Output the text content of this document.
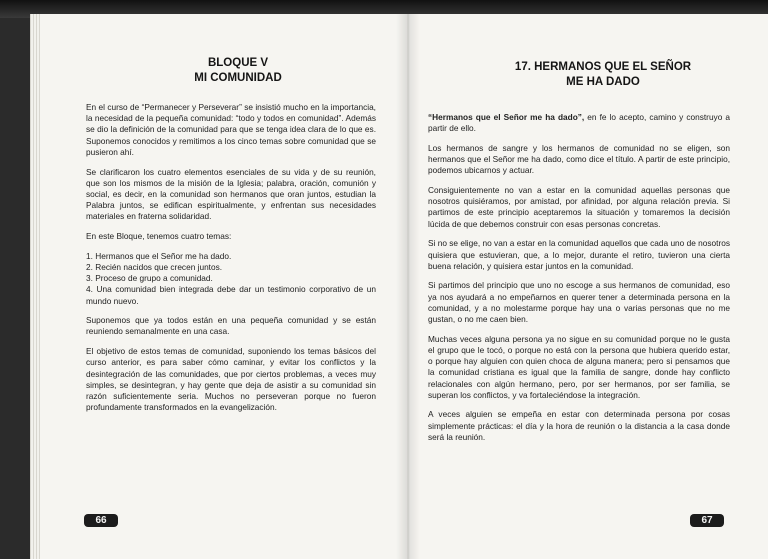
BLOQUE V
MI COMUNIDAD

En el curso de “Permanecer y Perseverar” se insistió mucho en la importancia, la necesidad de la pequeña comunidad: “todo y todos en comunidad”. Además se dio la definición de la comunidad para que se tenga idea clara de lo que es. Suponemos conocidos y remitimos a los cinco temas sobre comunidad que se pusieron ahí.

Se clarificaron los cuatro elementos esenciales de su vida y de su reunión, que son los mismos de la misión de la Iglesia; palabra, oración, comunión y social, es decir, en la comunidad son hermanos que oran juntos, estudian la Palabra juntos, se edifican espiritualmente, y enfrentan sus necesidades materiales en fraterna solidaridad.

En este Bloque, tenemos cuatro temas:

1. Hermanos que el Señor me ha dado.
2. Recién nacidos que crecen juntos.
3. Proceso de grupo a comunidad.
4. Una comunidad bien integrada debe dar un testimonio corporativo de un mundo nuevo.

Suponemos que ya todos están en una pequeña comunidad y se están reuniendo semanalmente en una casa.

El objetivo de estos temas de comunidad, suponiendo los temas básicos del curso anterior, es para saber cómo caminar, y evitar los conflictos y la desintegración de las comunidades, que por ciertos problemas, a veces muy simples, se desintegran, y hay gente que deja de asistir a su comunidad sin razón suficientemente seria. Muchos no perseveran porque no fueron profundamente transformados en la evangelización.

66
17. HERMANOS QUE EL SEÑOR
ME HA DADO

“Hermanos que el Señor me ha dado”, en fe lo acepto, camino y construyo a partir de ello.

Los hermanos de sangre y los hermanos de comunidad no se eligen, son hermanos que el Señor me ha dado, como dice el título. A partir de este principio, podemos ubicarnos y actuar.

Consiguientemente no van a estar en la comunidad aquellas personas que nosotros quisiéramos, por amistad, por afinidad, por alguna relación previa. Si partimos de este principio aceptaremos la situación y tomaremos la decisión lúcida de que debemos construir con esas personas concretas.

Si no se elige, no van a estar en la comunidad aquellos que cada uno de nosotros quisiera que estuvieran, que, a lo mejor, durante el retiro, tuvieron una cierta buena relación, y quisiera estar juntos en la comunidad.

Si partimos del principio que uno no escoge a sus hermanos de comunidad, eso ya nos ayudará a no empeñarnos en querer tener a determinada persona en la comunidad, y a no molestarme porque hay una o varias personas que no me gustan, o no me caen bien.

Muchas veces alguna persona ya no sigue en su comunidad porque no le gusta el grupo que le tocó, o porque no está con la persona que hubiera querido estar, o porque hay alguien con quien choca de alguna manera; pero si pensamos que la comunidad cristiana es igual que la familia de sangre, donde hay conflicto relacionales con algún hermano, pero, por ser hermanos, por ser familia, se superan los conflictos, y va fortaleciéndose la integración.

A veces alguien se empeña en estar con determinada persona por cosas simplemente prácticas: el día y la hora de reunión o la distancia a la casa donde será la reunión.

67
